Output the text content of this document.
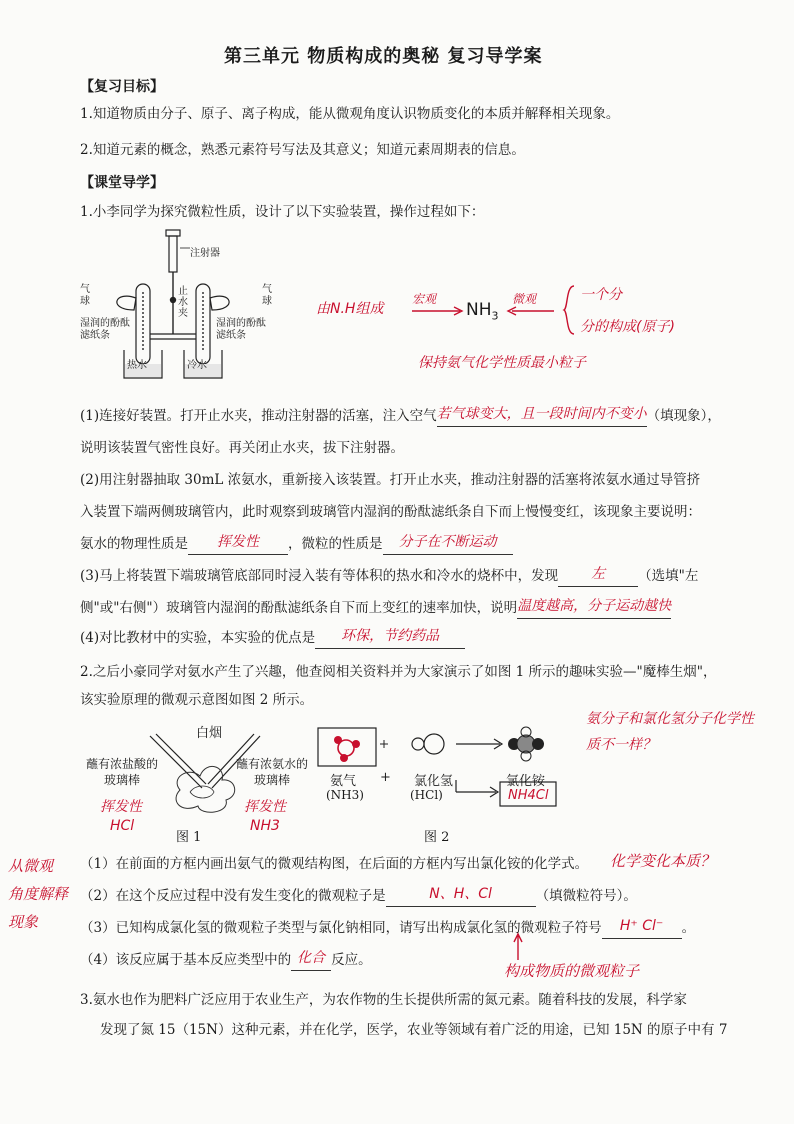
第三单元 物质构成的奥秘 复习导学案
【复习目标】
1.知道物质由分子、原子、离子构成，能从微观角度认识物质变化的本质并解释相关现象。
2.知道元素的概念，熟悉元素符号写法及其意义；知道元素周期表的信息。
【课堂导学】
1.小李同学为探究微粒性质，设计了以下实验装置，操作过程如下：
注射器
止水夹
气球
气球
湿润的酚酞滤纸条
湿润的酚酞滤纸条
热水	冷水
由N.H组成
宏观
$NH_3$
微观	一个分
分的构成(原子)
保持氨气化学性质最小粒子
(1)连接好装置。打开止水夹，推动注射器的活塞，注入空气若气球变大，且一段时间内不变小（填现象），
说明该装置气密性良好。再关闭止水夹，拔下注射器。
(2)用注射器抽取 30mL 浓氨水，重新接入该装置。打开止水夹，推动注射器的活塞将浓氨水通过导管挤
入装置下端两侧玻璃管内，此时观察到玻璃管内湿润的酚酞滤纸条自下而上慢慢变红，该现象主要说明：
氨水的物理性质是 挥发性 ，微粒的性质是 分子在不断运动
(3)马上将装置下端玻璃管底部同时浸入装有等体积的热水和冷水的烧杯中，发现 左 （选填"左
侧"或"右侧"）玻璃管内湿润的酚酞滤纸条自下而上变红的速率加快，说明温度越高，分子运动越快
(4)对比教材中的实验，本实验的优点是 环保，节约药品
2.之后小豪同学对氨水产生了兴趣，他查阅相关资料并为大家演示了如图 1 所示的趣味实验—"魔棒生烟"，
该实验原理的微观示意图如图 2 所示。
氨分子和氯化氢分子化学性质不一样？
白烟
蘸有浓盐酸的玻璃棒
蘸有浓氨水的玻璃棒
挥发性
HCl
挥发性
NH3
图 1
氨气
(NH3)
+ 氯化氢
(HCl)
氯化铵
NH4Cl
图 2
从微观
角度解释
现象
（1）在前面的方框内画出氨气的微观结构图，在后面的方框内写出氯化铵的化学式。 化学变化本质？
（2）在这个反应过程中没有发生变化的微观粒子是	N、H、Cl	（填微粒符号）。
（3）已知构成氯化氢的微观粒子类型与氯化钠相同，请写出构成氯化氢的微观粒子符号 H⁺ Cl⁻ 。
（4）该反应属于基本反应类型中的 化合 反应。
构成物质的微观粒子
3.氨水也作为肥料广泛应用于农业生产，为农作物的生长提供所需的氮元素。随着科技的发展，科学家
发现了氮 15（15N）这种元素，并在化学，医学，农业等领域有着广泛的用途，已知 15N 的原子中有 7
